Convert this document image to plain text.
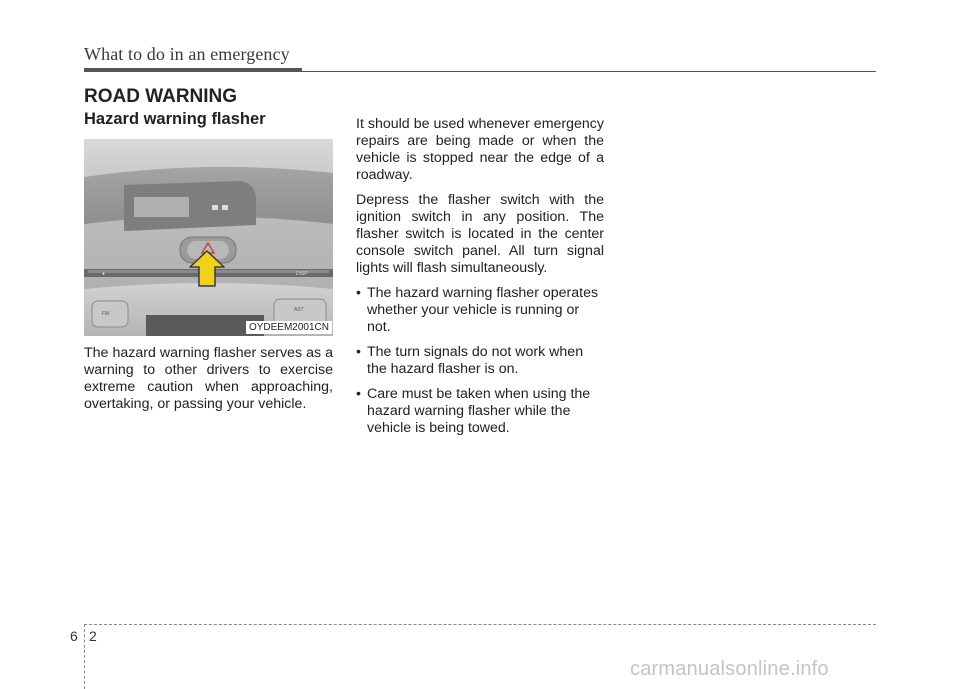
What to do in an emergency
ROAD WARNING
Hazard warning flasher
●	DISP
FM
AST
OYDEEM2001CN

The hazard warning flasher serves as a warning to other drivers to exercise extreme caution when approaching, overtaking, or passing your vehicle.

It should be used whenever emergency repairs are being made or when the vehicle is stopped near the edge of a roadway.

Depress the flasher switch with the ignition switch in any position. The flasher switch is located in the center console switch panel. All turn signal lights will flash simultaneously.

• The hazard warning flasher operates whether your vehicle is running or not.
• The turn signals do not work when the hazard flasher is on.
• Care must be taken when using the hazard warning flasher while the vehicle is being towed.
6 2
carmanualsonline.info
